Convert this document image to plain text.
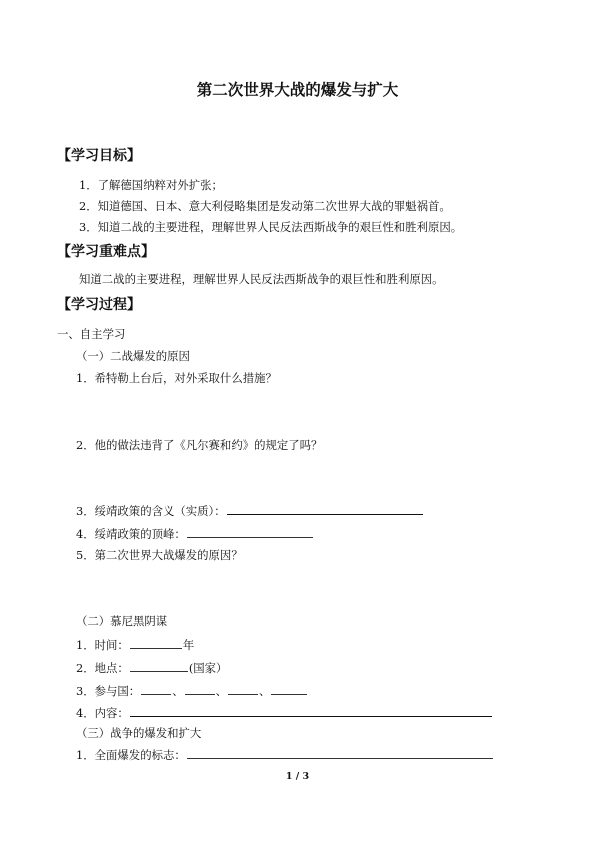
第二次世界大战的爆发与扩大
【学习目标】
1．了解德国纳粹对外扩张；
2．知道德国、日本、意大利侵略集团是发动第二次世界大战的罪魁祸首。
3．知道二战的主要进程，理解世界人民反法西斯战争的艰巨性和胜利原因。
【学习重难点】
知道二战的主要进程，理解世界人民反法西斯战争的艰巨性和胜利原因。
【学习过程】
一、自主学习
（一）二战爆发的原因
1．希特勒上台后，对外采取什么措施？
2．他的做法违背了《凡尔赛和约》的规定了吗？
3．绥靖政策的含义（实质）：
4．绥靖政策的顶峰：
5．第二次世界大战爆发的原因？
（二）慕尼黑阴谋
1．时间：	年
2．地点：	(国家）
3．参与国：	、	、	、
4．内容：
（三）战争的爆发和扩大
1．全面爆发的标志：
1 / 3
